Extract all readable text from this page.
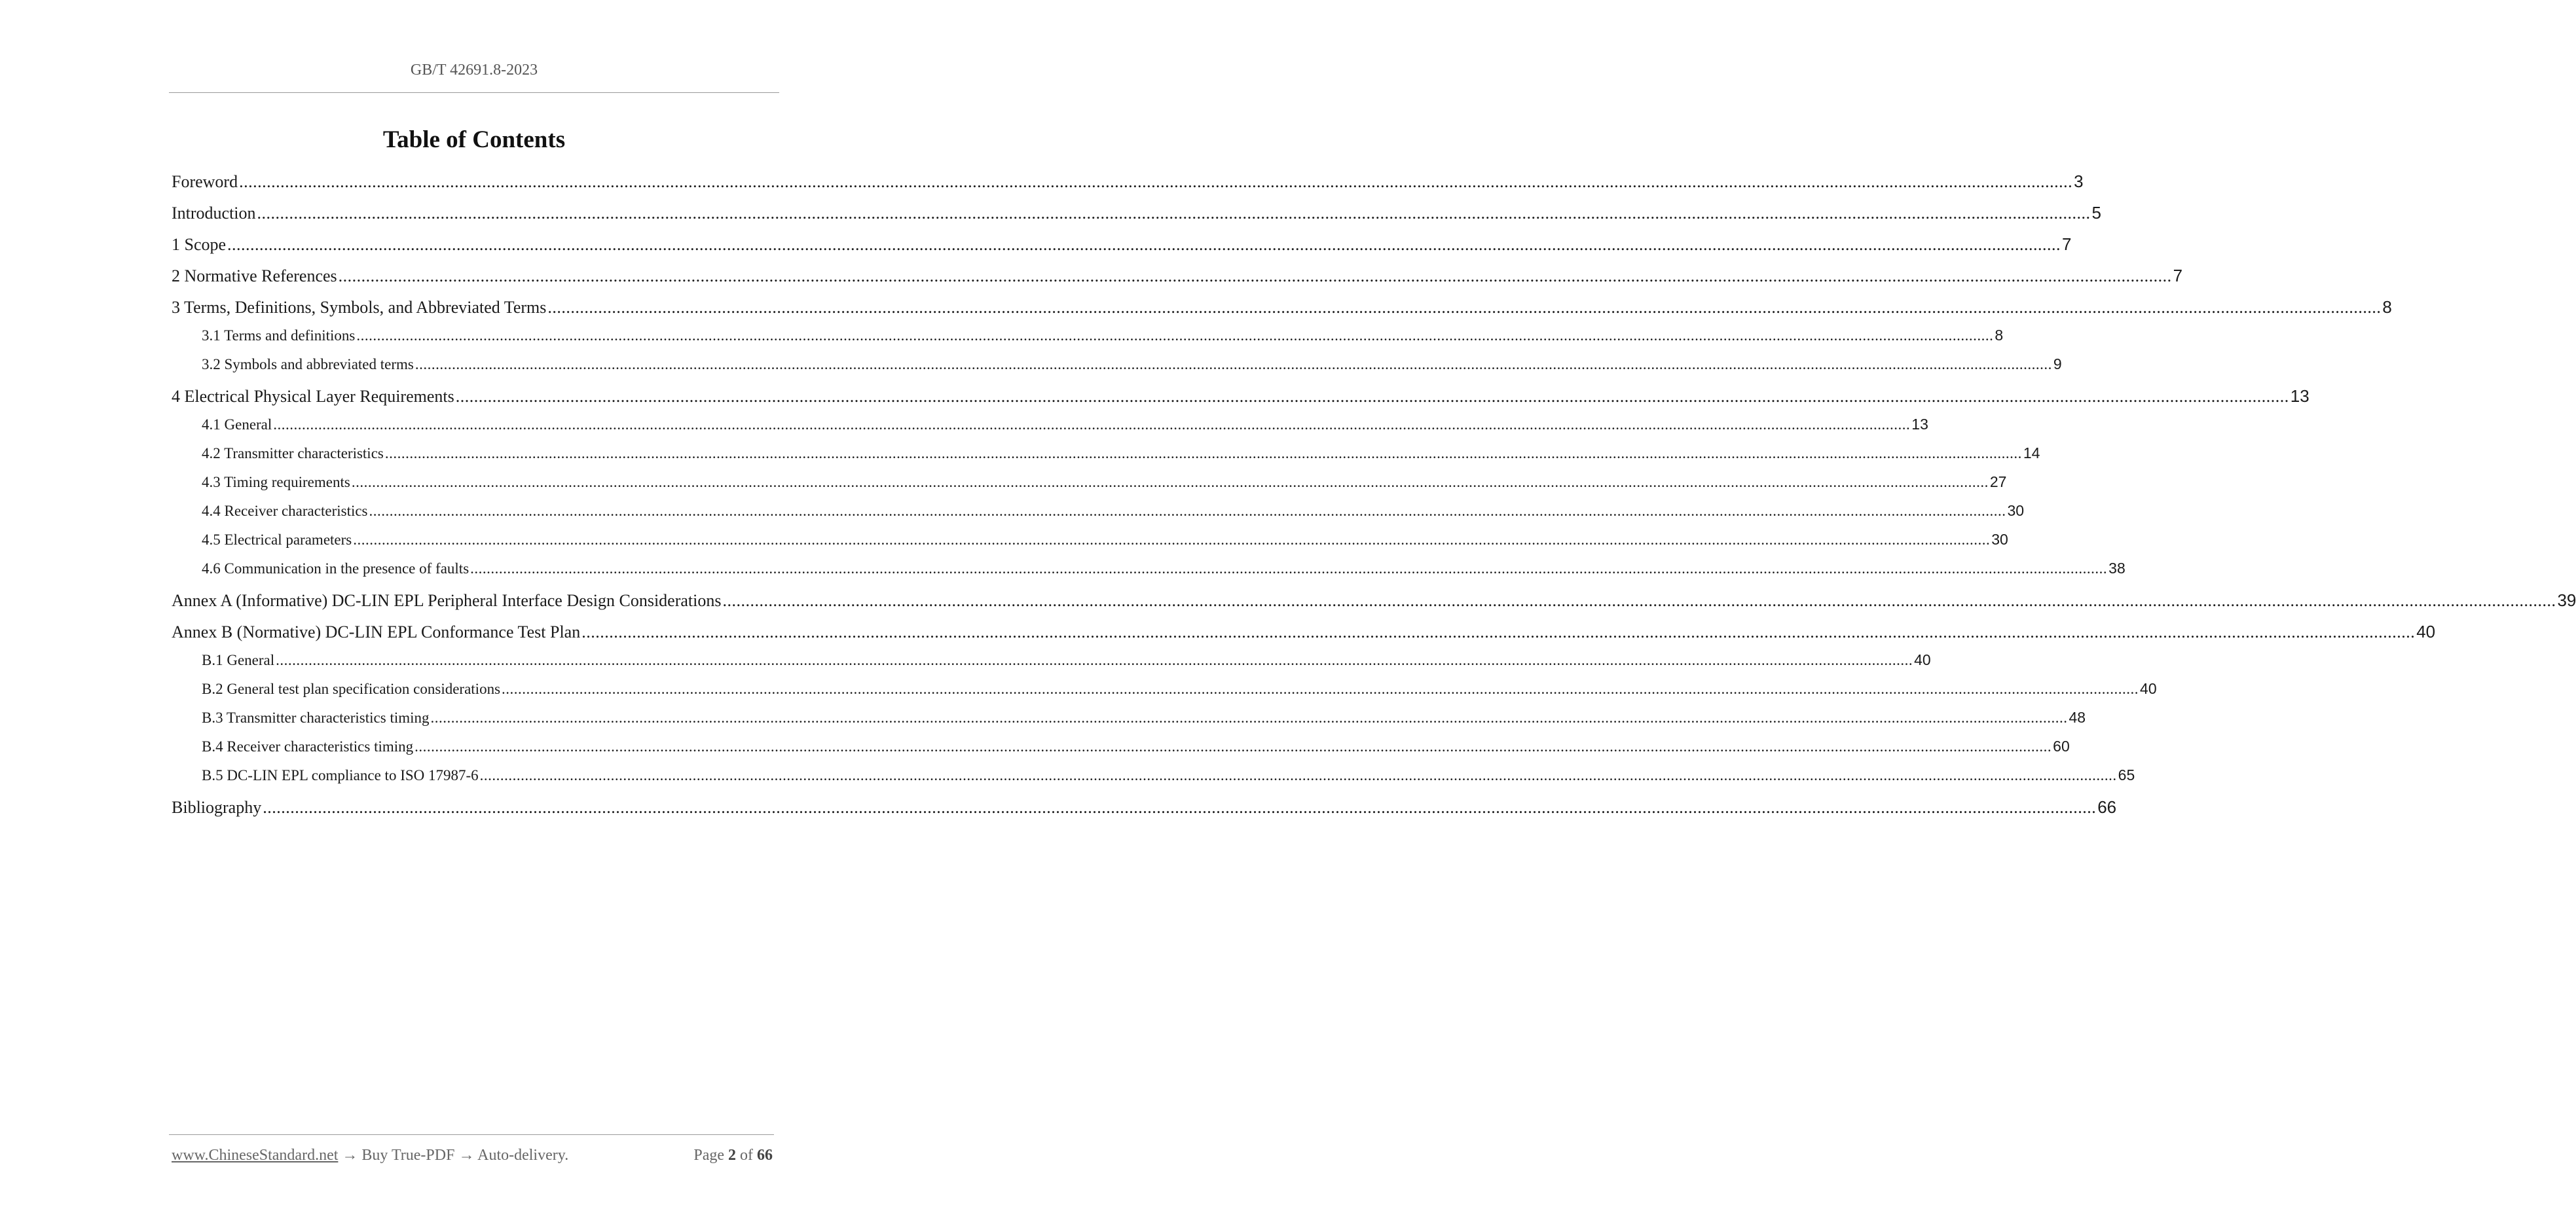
GB/T 42691.8-2023
Table of Contents
Foreword ................................................................................................................................................................................................................................................................................................................................................................................................................ 3
Introduction ................................................................................................................................................................................................................................................................................................................................................................................................................ 5
1 Scope ................................................................................................................................................................................................................................................................................................................................................................................................................ 7
2 Normative References ................................................................................................................................................................................................................................................................................................................................................................................................................ 7
3 Terms, Definitions, Symbols, and Abbreviated Terms ................................................................................................................................................................................................................................................................................................................................................................................................................ 8
3.1 Terms and definitions ................................................................................................................................................................................................................................................................................................................................................................................................................ 8
3.2 Symbols and abbreviated terms ................................................................................................................................................................................................................................................................................................................................................................................................................ 9
4 Electrical Physical Layer Requirements ................................................................................................................................................................................................................................................................................................................................................................................................................ 13
4.1 General ................................................................................................................................................................................................................................................................................................................................................................................................................ 13
4.2 Transmitter characteristics ................................................................................................................................................................................................................................................................................................................................................................................................................ 14
4.3 Timing requirements ................................................................................................................................................................................................................................................................................................................................................................................................................ 27
4.4 Receiver characteristics ................................................................................................................................................................................................................................................................................................................................................................................................................ 30
4.5 Electrical parameters ................................................................................................................................................................................................................................................................................................................................................................................................................ 30
4.6 Communication in the presence of faults ................................................................................................................................................................................................................................................................................................................................................................................................................ 38
Annex A (Informative) DC-LIN EPL Peripheral Interface Design Considerations ................................................................................................................................................................................................................................................................................................................................................................................................................ 39
Annex B (Normative) DC-LIN EPL Conformance Test Plan ................................................................................................................................................................................................................................................................................................................................................................................................................ 40
B.1 General ................................................................................................................................................................................................................................................................................................................................................................................................................ 40
B.2 General test plan specification considerations ................................................................................................................................................................................................................................................................................................................................................................................................................ 40
B.3 Transmitter characteristics timing ................................................................................................................................................................................................................................................................................................................................................................................................................ 48
B.4 Receiver characteristics timing ................................................................................................................................................................................................................................................................................................................................................................................................................ 60
B.5 DC-LIN EPL compliance to ISO 17987-6 ................................................................................................................................................................................................................................................................................................................................................................................................................ 65
Bibliography ................................................................................................................................................................................................................................................................................................................................................................................................................ 66
www.ChineseStandard.net → Buy True-PDF → Auto-delivery.	Page 2 of 66
